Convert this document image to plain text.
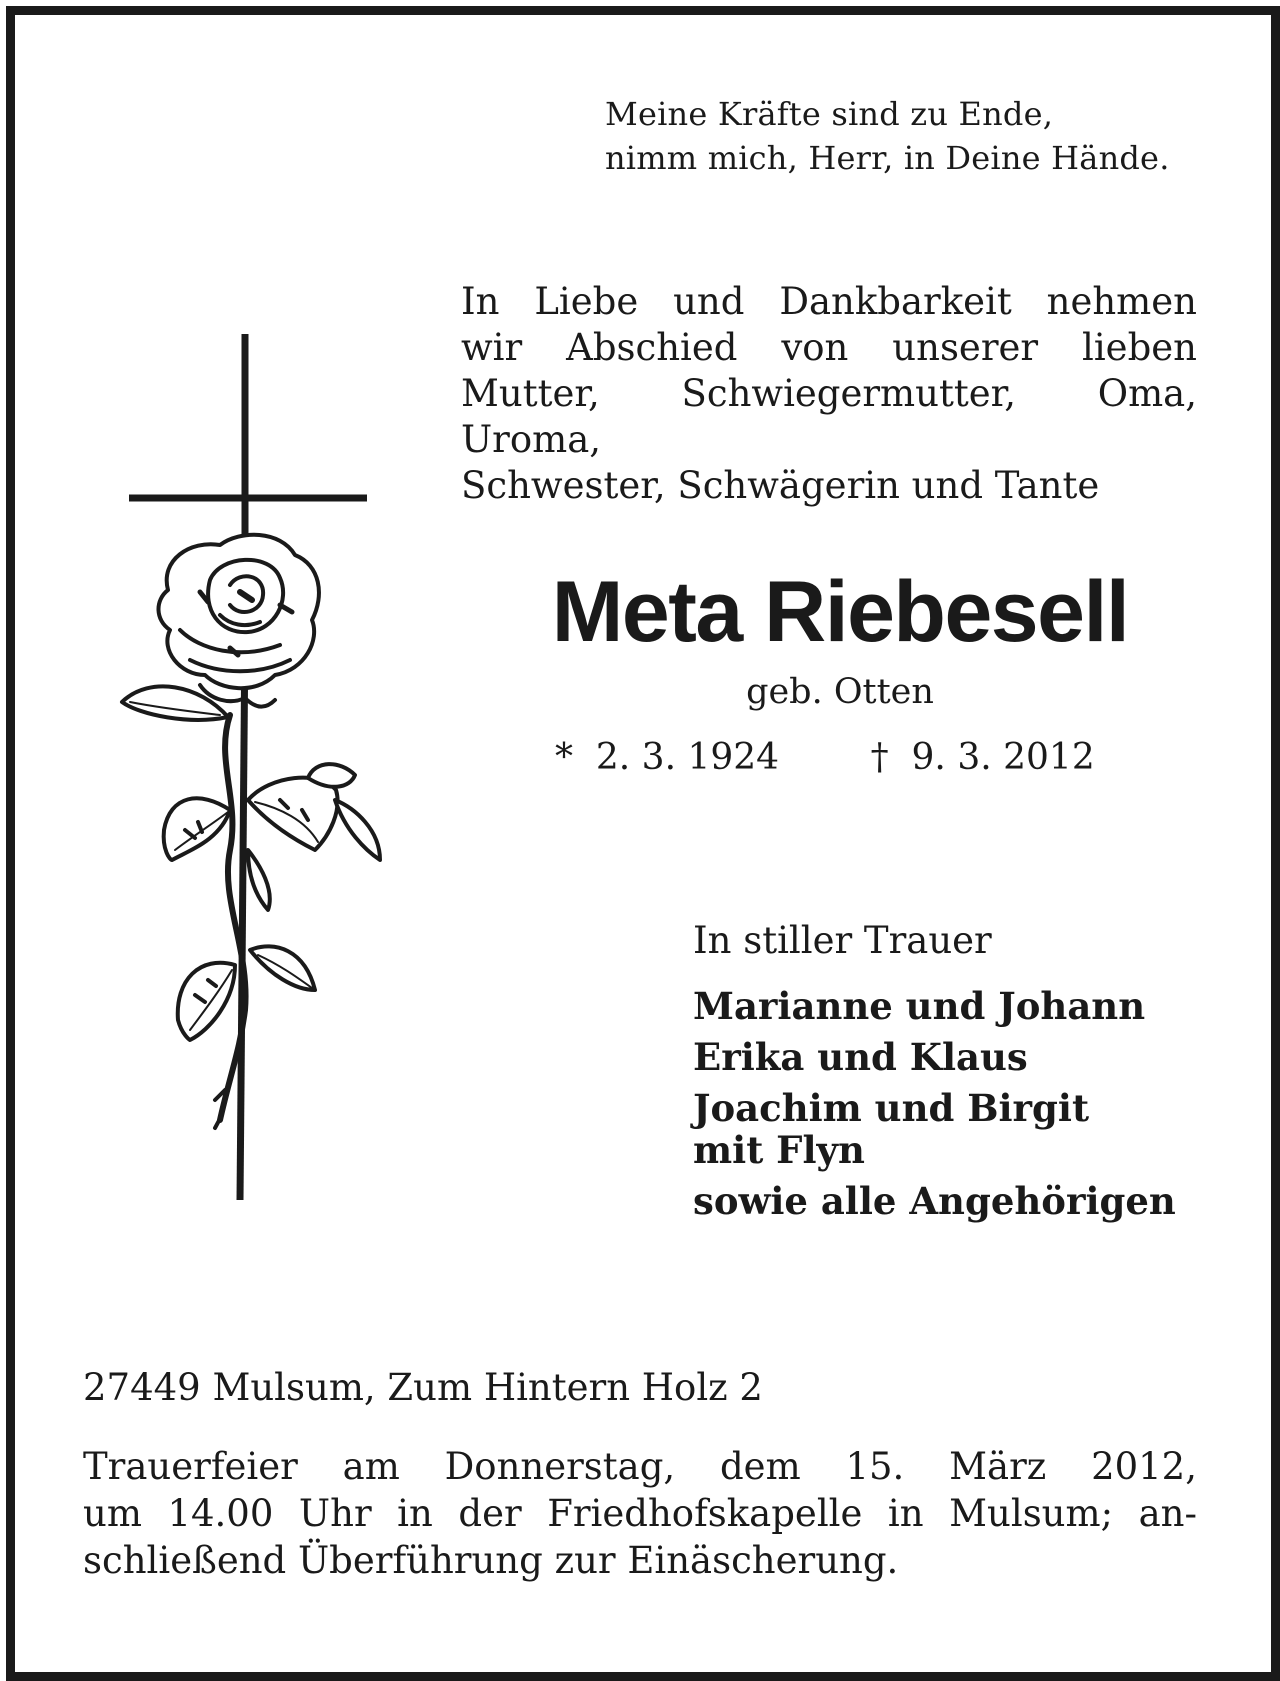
Meine Kräfte sind zu Ende,
nimm mich, Herr, in Deine Hände.
In Liebe und Dankbarkeit nehmen
wir Abschied von unserer lieben
Mutter, Schwiegermutter, Oma, Uroma,
Schwester, Schwägerin und Tante
Meta Riebesell
geb. Otten
* 2. 3. 1924	† 9. 3. 2012
In stiller Trauer
Marianne und Johann
Erika und Klaus
Joachim und Birgit
mit Flyn
sowie alle Angehörigen
27449 Mulsum, Zum Hintern Holz 2
Trauerfeier am Donnerstag, dem 15. März 2012,
um 14.00 Uhr in der Friedhofskapelle in Mulsum; an-
schließend Überführung zur Einäscherung.
